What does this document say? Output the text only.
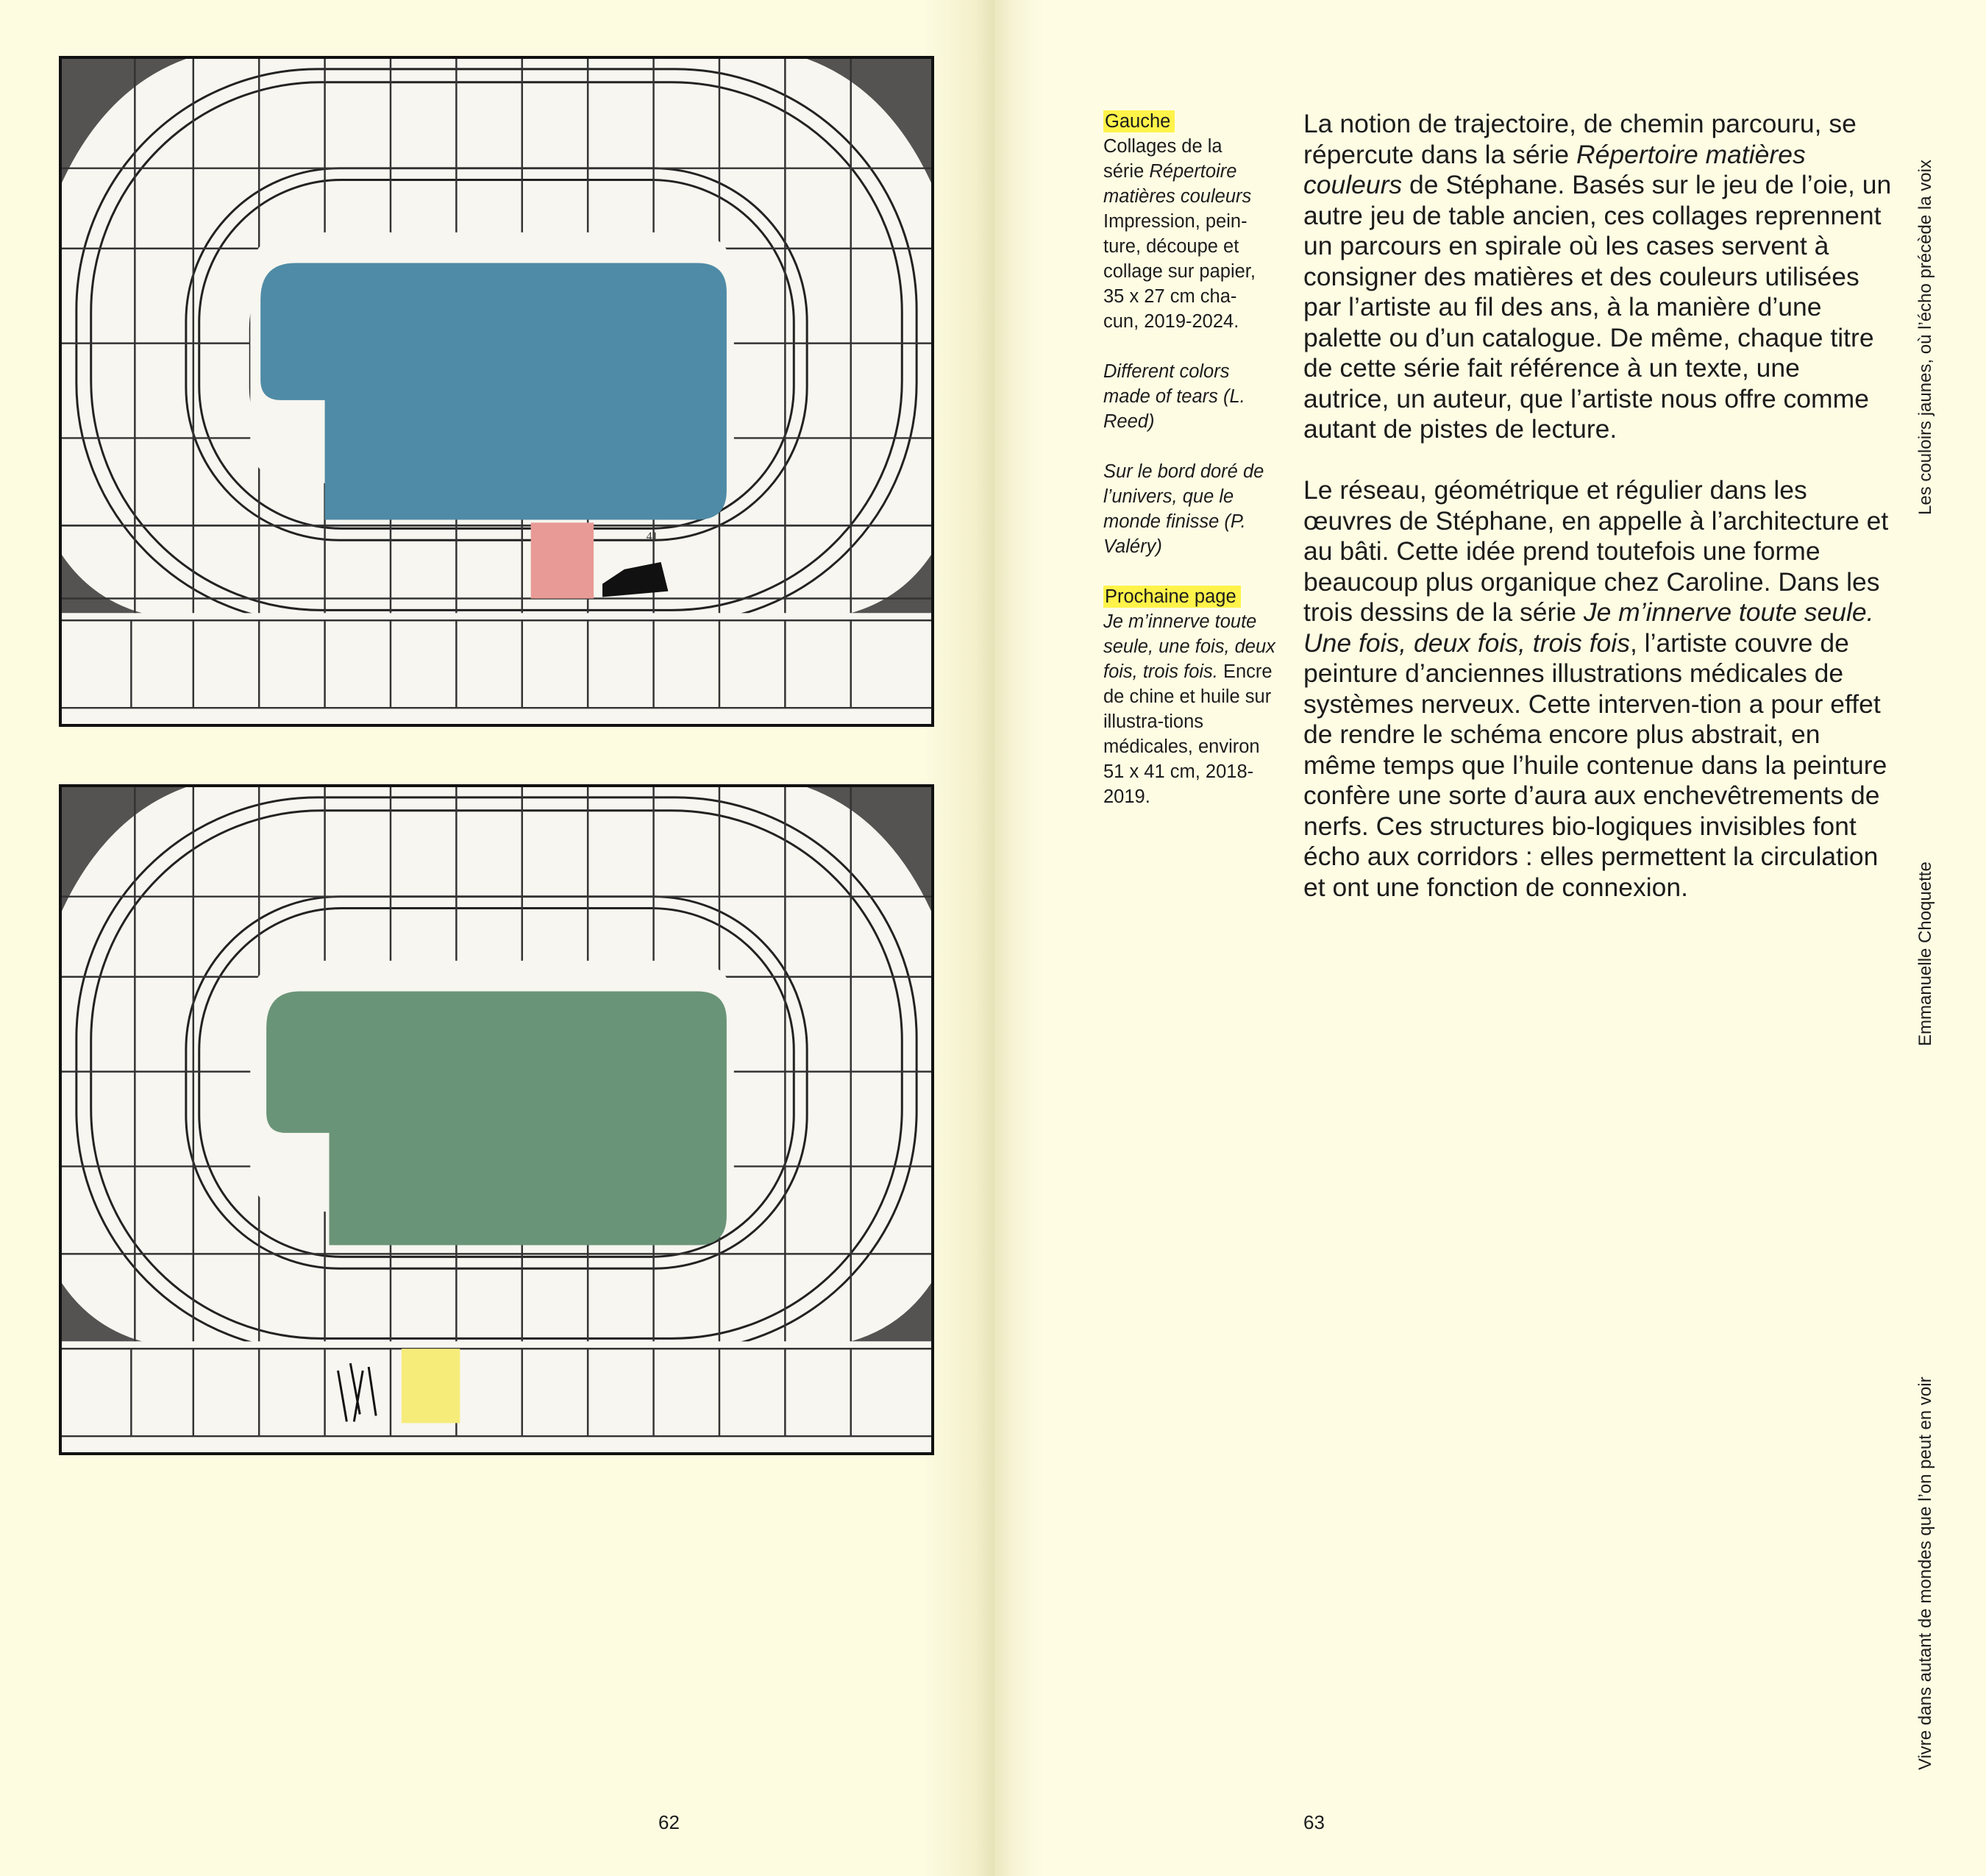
41
62

Gauche
Collages de la
série Répertoire
matières couleurs
Impression, pein-
ture, découpe et
collage sur papier,
35 x 27 cm cha-
cun, 2019-2024.

Different colors made of tears (L. Reed)

Sur le bord doré de l’univers, que le monde finisse (P. Valéry)

Prochaine page
Je m’innerve toute seule, une fois, deux fois, trois fois. Encre de chine et huile sur illustra-tions médicales, environ 51 x 41 cm, 2018-2019.

La notion de trajectoire, de chemin parcouru, se répercute dans la série Répertoire matières couleurs de Stéphane. Basés sur le jeu de l’oie, un autre jeu de table ancien, ces collages reprennent un parcours en spirale où les cases servent à consigner des matières et des couleurs utilisées par l’artiste au fil des ans, à la manière d’une palette ou d’un catalogue. De même, chaque titre de cette série fait référence à un texte, une autrice, un auteur, que l’artiste nous offre comme autant de pistes de lecture.

Le réseau, géométrique et régulier dans les œuvres de Stéphane, en appelle à l’architecture et au bâti. Cette idée prend toutefois une forme beaucoup plus organique chez Caroline. Dans les trois dessins de la série Je m’innerve toute seule. Une fois, deux fois, trois fois, l’artiste couvre de peinture d’anciennes illustrations médicales de systèmes nerveux. Cette interven-tion a pour effet de rendre le schéma encore plus abstrait, en même temps que l’huile contenue dans la peinture confère une sorte d’aura aux enchevêtrements de nerfs. Ces structures bio-logiques invisibles font écho aux corridors : elles permettent la circulation et ont une fonction de connexion.

Les couloirs jaunes, où l’écho précède la voix
Emmanuelle Choquette
Vivre dans autant de mondes que l’on peut en voir
63
